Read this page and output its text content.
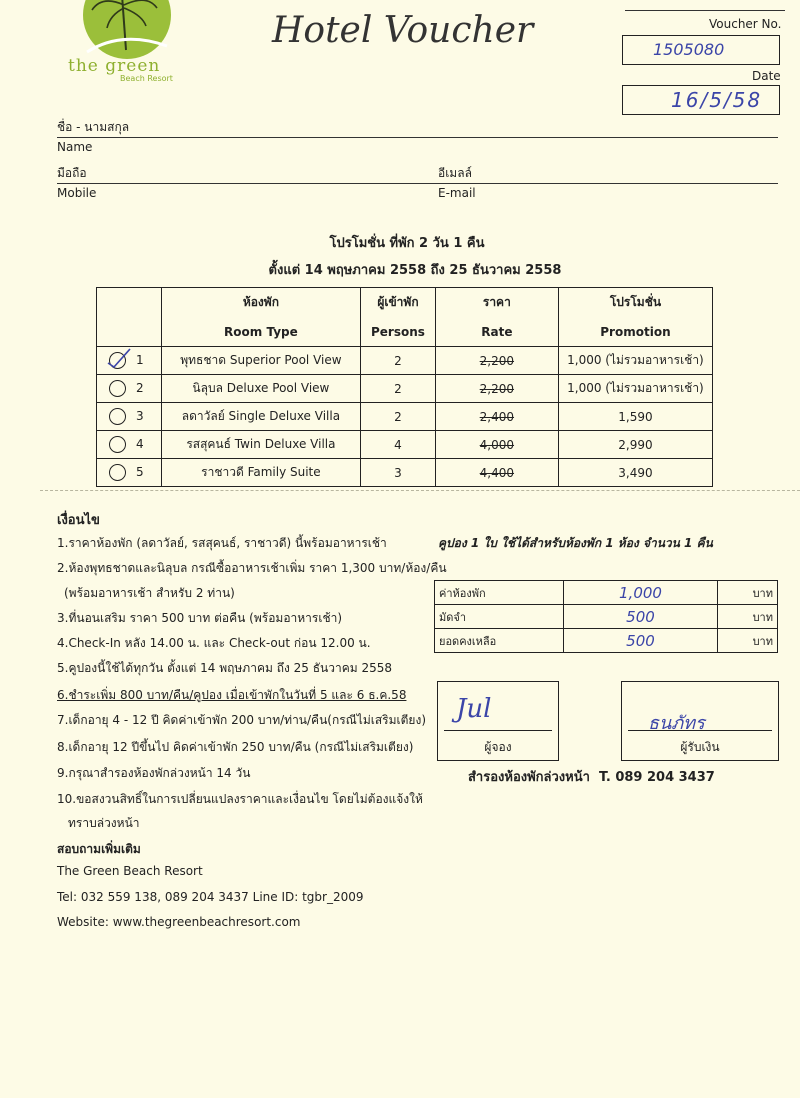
the green
Beach Resort
Hotel Voucher	Voucher No.
1505080
Date
16/5/58
ชื่อ - นามสกุล
Name
มือถือ	อีเมลล์
Mobile	E-mail
โปรโมชั่น ที่พัก 2 วัน 1 คืน
ตั้งแต่ 14 พฤษภาคม 2558 ถึง 25 ธันวาคม 2558
	ห้องพัก	ผู้เข้าพัก	ราคา	โปรโมชั่น
	Room Type	Persons	Rate	Promotion

1	พุทธชาด Superior Pool View	2	2,200	1,000 (ไม่รวมอาหารเช้า)
2	นิลุบล Deluxe Pool View	2	2,200	1,000 (ไม่รวมอาหารเช้า)
3	ลดาวัลย์ Single Deluxe Villa	2	2,400	1,590
4	รสสุคนธ์ Twin Deluxe Villa	4	4,000	2,990
5	ราชาวดี Family Suite	3	4,400	3,490
เงื่อนไข
1.ราคาห้องพัก (ลดาวัลย์, รสสุคนธ์, ราชาวดี) นี้พร้อมอาหารเช้า
2.ห้องพุทธชาดและนิลุบล กรณีซื้ออาหารเช้าเพิ่ม ราคา 1,300 บาท/ห้อง/คืน
(พร้อมอาหารเช้า สำหรับ 2 ท่าน)
3.ที่นอนเสริม ราคา 500 บาท ต่อคืน (พร้อมอาหารเช้า)
4.Check-In หลัง 14.00 น. และ Check-out ก่อน 12.00 น.
5.คูปองนี้ใช้ได้ทุกวัน ตั้งแต่ 14 พฤษภาคม ถึง 25 ธันวาคม 2558
6.ชำระเพิ่ม 800 บาท/คืน/คูปอง เมื่อเข้าพักในวันที่ 5 และ 6 ธ.ค.58
7.เด็กอายุ 4 - 12 ปี คิดค่าเข้าพัก 200 บาท/ท่าน/คืน(กรณีไม่เสริมเตียง)
8.เด็กอายุ 12 ปีขึ้นไป คิดค่าเข้าพัก 250 บาท/คืน (กรณีไม่เสริมเตียง)
9.กรุณาสำรองห้องพักล่วงหน้า 14 วัน
10.ขอสงวนสิทธิ์ในการเปลี่ยนแปลงราคาและเงื่อนไข โดยไม่ต้องแจ้งให้
ทราบล่วงหน้า
คูปอง 1 ใบ ใช้ได้สำหรับห้องพัก 1 ห้อง จำนวน 1 คืน
ค่าห้องพัก	1,000	บาท
มัดจำ	500	บาท
ยอดคงเหลือ	500	บาท
Jul
ผู้จอง
ธนภัทร
ผู้รับเงิน
สำรองห้องพักล่วงหน้า  T. 089 204 3437
สอบถามเพิ่มเติม
The Green Beach Resort
Tel: 032 559 138, 089 204 3437 Line ID: tgbr_2009
Website: www.thegreenbeachresort.com
